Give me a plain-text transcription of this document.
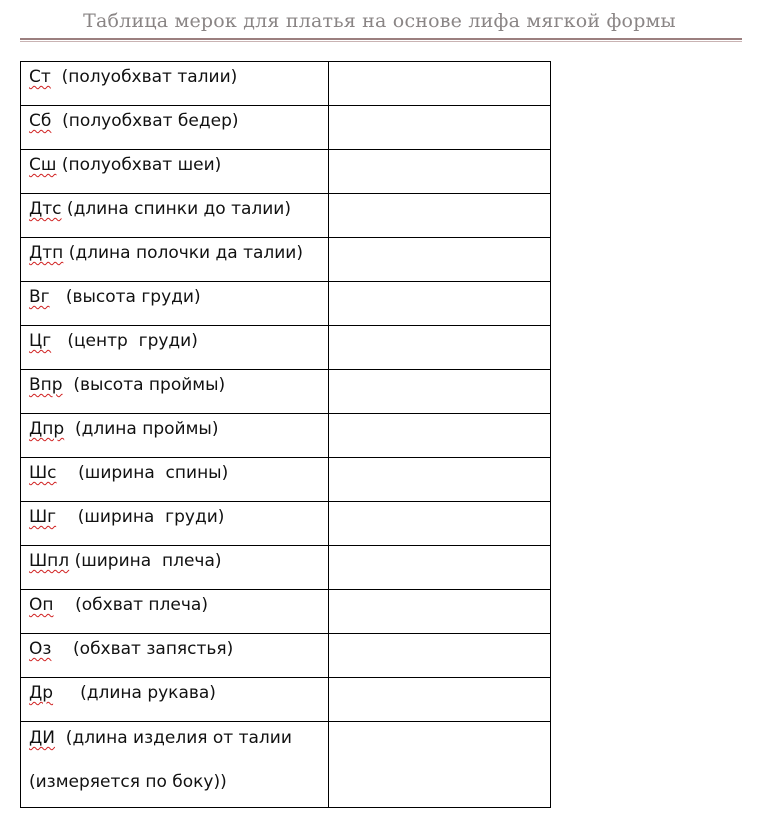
Таблица мерок для платья на основе лифа мягкой формы
Ст  (полуобхват талии)	

Сб  (полуобхват бедер)	

Сш (полуобхват шеи)	

Дтс (длина спинки до талии)	

Дтп (длина полочки да талии)	

Вг   (высота груди)	

Цг   (центр  груди)	

Впр  (высота проймы)	

Дпр  (длина проймы)	

Шс    (ширина  спины)	

Шг    (ширина  груди)	

Шпл (ширина  плеча)	

Оп    (обхват плеча)	

Оз    (обхват запястья)	

Др     (длина рукава)	

ДИ  (длина изделия от талии
(измеряется по боку))	
